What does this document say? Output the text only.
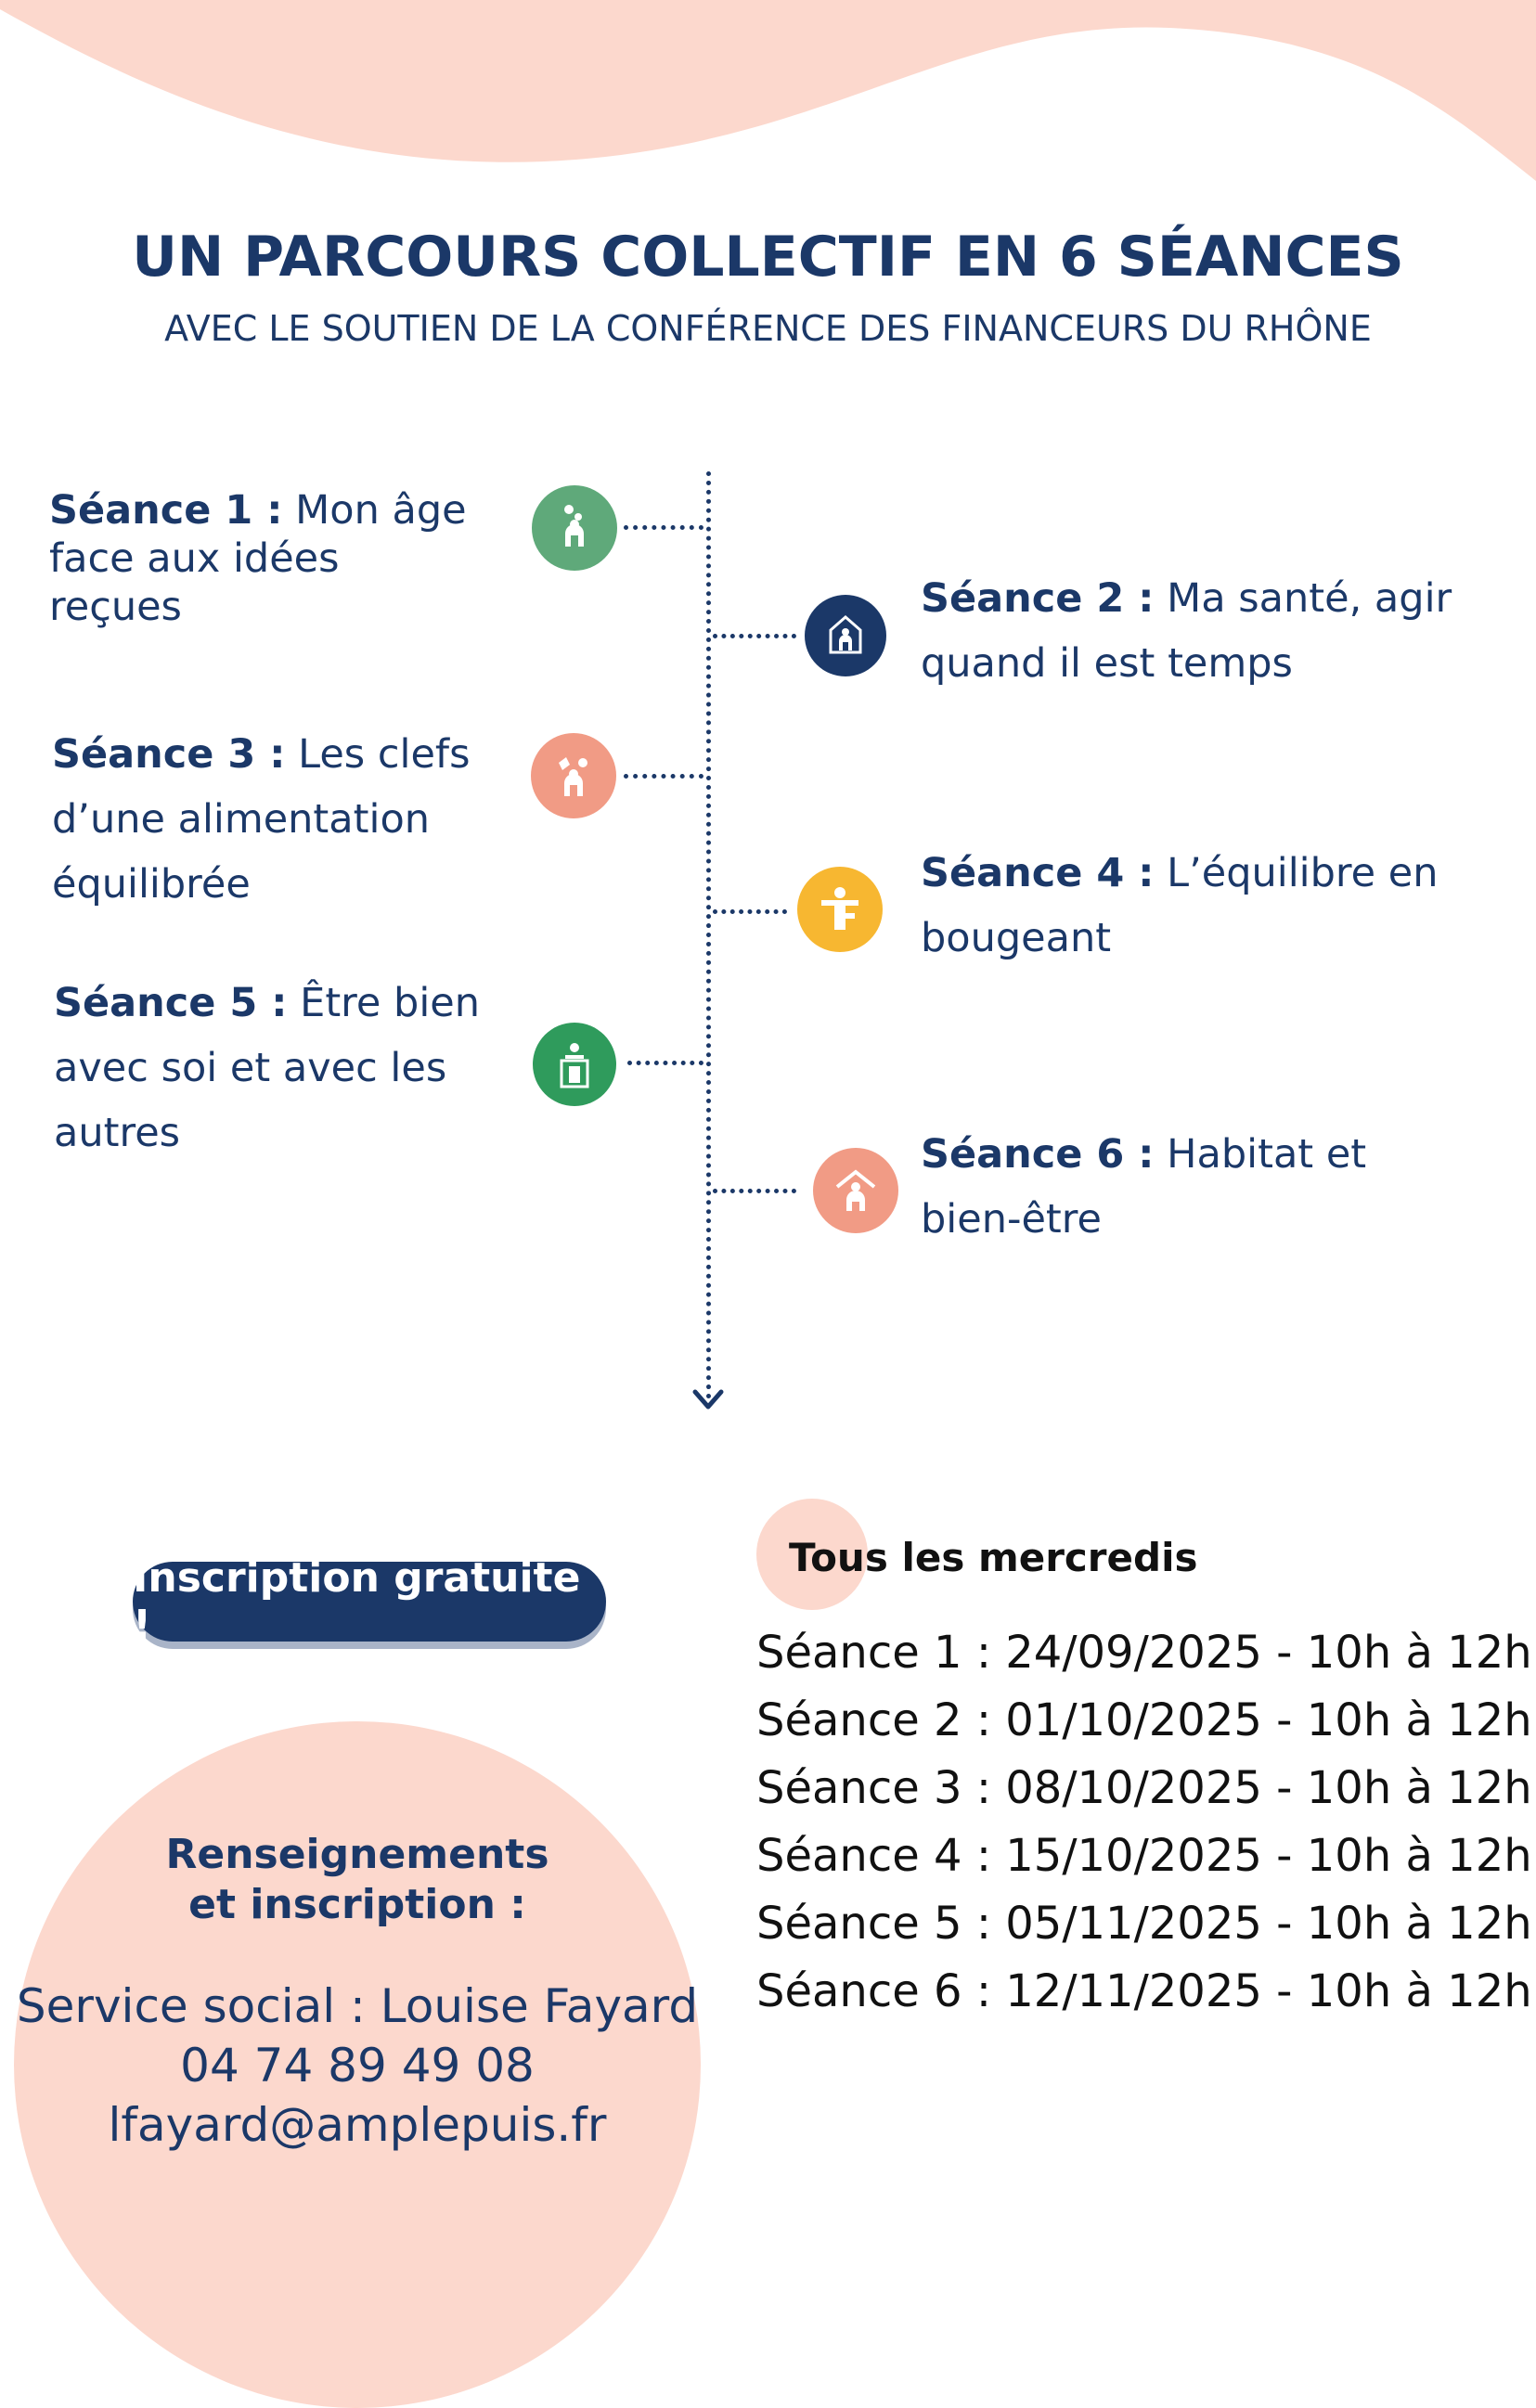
UN PARCOURS COLLECTIF EN 6 SÉANCES

AVEC LE SOUTIEN DE LA CONFÉRENCE DES FINANCEURS DU RHÔNE

Séance 1 : Mon âge
face aux idées
reçues	Séance 2 : Ma santé, agir
quand il est temps
Séance 3 : Les clefs
d’une alimentation
équilibrée	Séance 4 : L’équilibre en
bougeant
Séance 5 : Être bien
avec soi et avec les
autres	Séance 6 : Habitat et
bien-être
Inscription gratuite !
Tous les mercredis
Séance 1 : 24/09/2025 - 10h à 12h
Séance 2 : 01/10/2025 - 10h à 12h
Séance 3 : 08/10/2025 - 10h à 12h
Séance 4 : 15/10/2025 - 10h à 12h
Séance 5 : 05/11/2025 - 10h à 12h
Séance 6 : 12/11/2025 - 10h à 12h
Renseignements
et inscription :
Service social : Louise Fayard
04 74 89 49 08
lfayard@amplepuis.fr
